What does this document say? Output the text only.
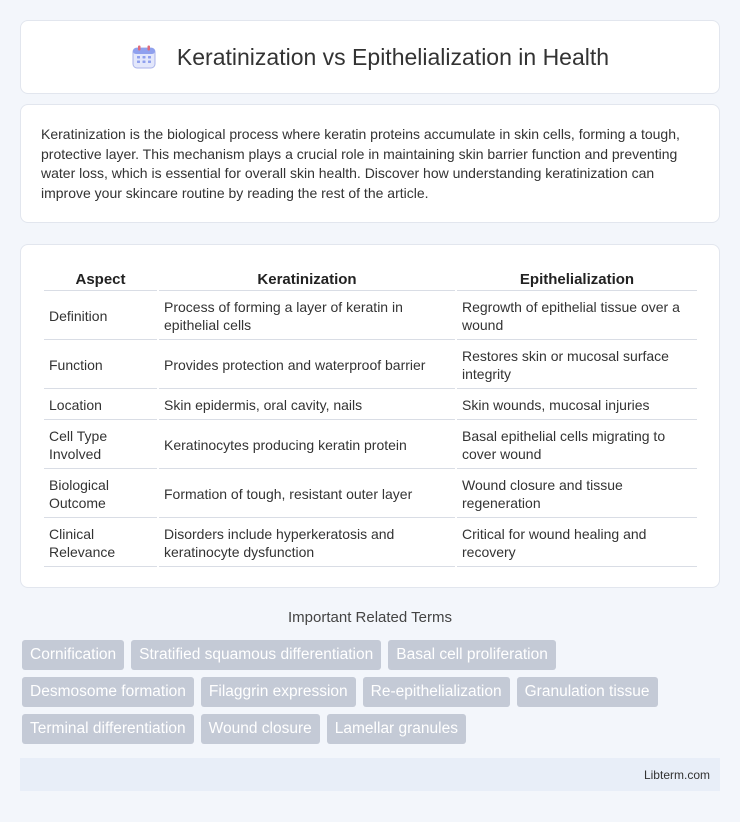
Keratinization vs Epithelialization in Health

Keratinization is the biological process where keratin proteins accumulate in skin cells, forming a tough, protective layer. This mechanism plays a crucial role in maintaining skin barrier function and preventing water loss, which is essential for overall skin health. Discover how understanding keratinization can improve your skincare routine by reading the rest of the article.

Aspect	Keratinization	Epithelialization
Definition	Process of forming a layer of keratin in epithelial cells	Regrowth of epithelial tissue over a wound
Function	Provides protection and waterproof barrier	Restores skin or mucosal surface integrity
Location	Skin epidermis, oral cavity, nails	Skin wounds, mucosal injuries
Cell Type Involved	Keratinocytes producing keratin protein	Basal epithelial cells migrating to cover wound
Biological Outcome	Formation of tough, resistant outer layer	Wound closure and tissue regeneration
Clinical Relevance	Disorders include hyperkeratosis and keratinocyte dysfunction	Critical for wound healing and recovery
Important Related Terms
Cornification	Stratified squamous differentiation	Basal cell proliferation
Desmosome formation	Filaggrin expression	Re-epithelialization	Granulation tissue
Terminal differentiation	Wound closure	Lamellar granules
Libterm.com
